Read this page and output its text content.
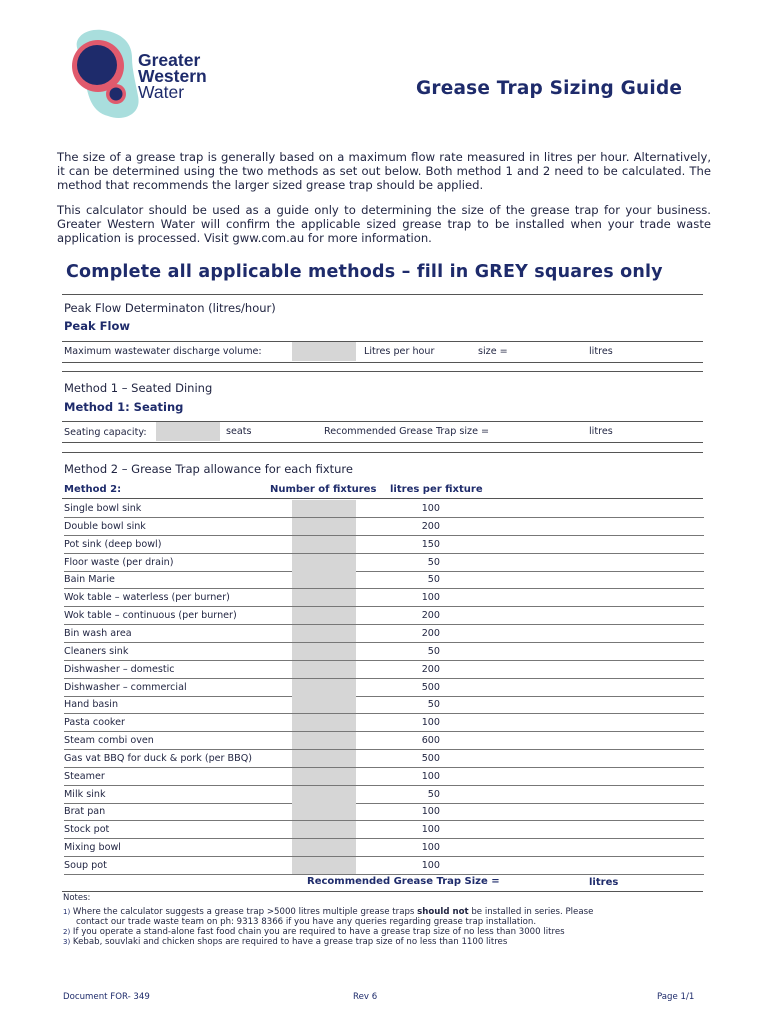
Greater
Western
Water	Grease Trap Sizing Guide
The size of a grease trap is generally based on a maximum flow rate measured in litres per hour. Alternatively, it can be determined using the two methods as set out below. Both method 1 and 2 need to be calculated. The method that recommends the larger sized grease trap should be applied.
This calculator should be used as a guide only to determining the size of the grease trap for your business. Greater Western Water will confirm the applicable sized grease trap to be installed when your trade waste application is processed. Visit gww.com.au for more information.
Complete all applicable methods – fill in GREY squares only
Peak Flow Determinaton (litres/hour)
Peak Flow
Maximum wastewater discharge volume:	Litres per hour	size =	litres
Method 1 – Seated Dining
Method 1: Seating
Seating capacity:	seats	Recommended Grease Trap size =	litres
Method 2 – Grease Trap allowance for each fixture
Method 2:	Number of fixtures litres per fixture
Single bowl sink	100
Double bowl sink	200
Pot sink (deep bowl)	150
Floor waste (per drain)	50
Bain Marie	50
Wok table – waterless (per burner)	100
Wok table – continuous (per burner)	200
Bin wash area	200
Cleaners sink	50
Dishwasher – domestic	200
Dishwasher – commercial	500
Hand basin	50
Pasta cooker	100
Steam combi oven	600
Gas vat BBQ for duck & pork (per BBQ)	500
Steamer	100
Milk sink	50
Brat pan	100
Stock pot	100
Mixing bowl	100
Soup pot	100
Recommended Grease Trap Size =	litres
Notes:
1) Where the calculator suggests a grease trap >5000 litres multiple grease traps should not be installed in series. Please
contact our trade waste team on ph: 9313 8366 if you have any queries regarding grease trap installation.
2) If you operate a stand-alone fast food chain you are required to have a grease trap size of no less than 3000 litres
3) Kebab, souvlaki and chicken shops are required to have a grease trap size of no less than 1100 litres
Document FOR- 349	Rev 6	Page 1/1
